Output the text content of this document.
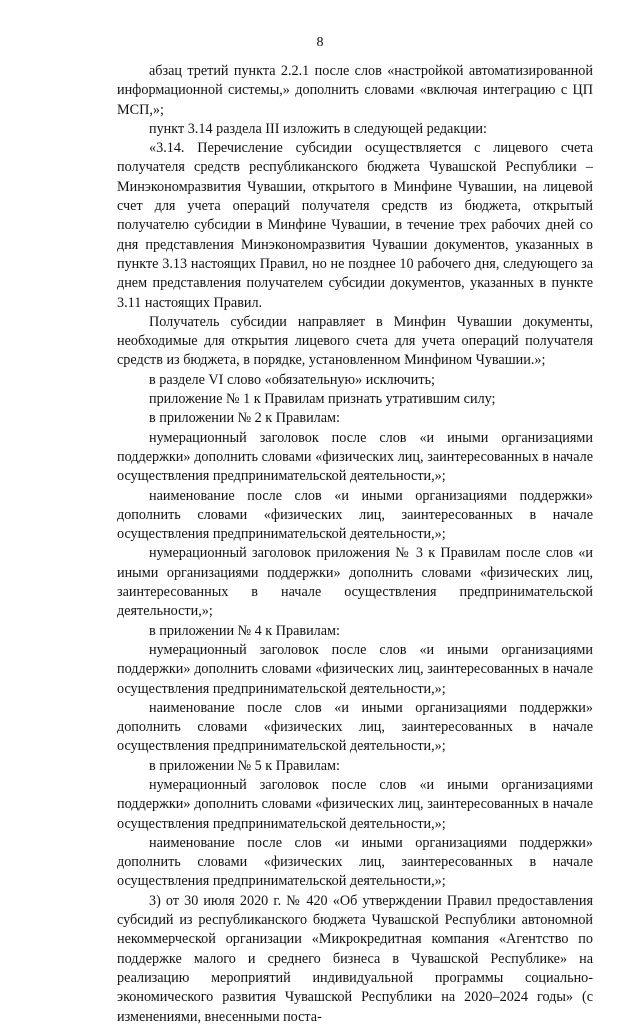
8

абзац третий пункта 2.2.1 после слов «настройкой автоматизированной информационной системы,» дополнить словами «включая интеграцию с ЦП МСП,»;

пункт 3.14 раздела III изложить в следующей редакции:

«3.14. Перечисление субсидии осуществляется с лицевого счета получателя средств республиканского бюджета Чувашской Республики – Минэкономразвития Чувашии, открытого в Минфине Чувашии, на лицевой счет для учета операций получателя средств из бюджета, открытый получателю субсидии в Минфине Чувашии, в течение трех рабочих дней со дня представления Минэкономразвития Чувашии документов, указанных в пункте 3.13 настоящих Правил, но не позднее 10 рабочего дня, следующего за днем представления получателем субсидии документов, указанных в пункте 3.11 настоящих Правил.

Получатель субсидии направляет в Минфин Чувашии документы, необходимые для открытия лицевого счета для учета операций получателя средств из бюджета, в порядке, установленном Минфином Чувашии.»;

в разделе VI слово «обязательную» исключить;

приложение № 1 к Правилам признать утратившим силу;

в приложении № 2 к Правилам:

нумерационный заголовок после слов «и иными организациями поддержки» дополнить словами «физических лиц, заинтересованных в начале осуществления предпринимательской деятельности,»;

наименование после слов «и иными организациями поддержки» дополнить словами «физических лиц, заинтересованных в начале осуществления предпринимательской деятельности,»;

нумерационный заголовок приложения № 3 к Правилам после слов «и иными организациями поддержки» дополнить словами «физических лиц, заинтересованных в начале осуществления предпринимательской деятельности,»;

в приложении № 4 к Правилам:

нумерационный заголовок после слов «и иными организациями поддержки» дополнить словами «физических лиц, заинтересованных в начале осуществления предпринимательской деятельности,»;

наименование после слов «и иными организациями поддержки» дополнить словами «физических лиц, заинтересованных в начале осуществления предпринимательской деятельности,»;

в приложении № 5 к Правилам:

нумерационный заголовок после слов «и иными организациями поддержки» дополнить словами «физических лиц, заинтересованных в начале осуществления предпринимательской деятельности,»;

наименование после слов «и иными организациями поддержки» дополнить словами «физических лиц, заинтересованных в начале осуществления предпринимательской деятельности,»;

3) от 30 июля 2020 г. № 420 «Об утверждении Правил предоставления субсидий из республиканского бюджета Чувашской Республики автономной некоммерческой организации «Микрокредитная компания «Агентство по поддержке малого и среднего бизнеса в Чувашской Республике» на реализацию мероприятий индивидуальной программы социально-экономического развития Чувашской Республики на 2020–2024 годы» (с изменениями, внесенными поста-
